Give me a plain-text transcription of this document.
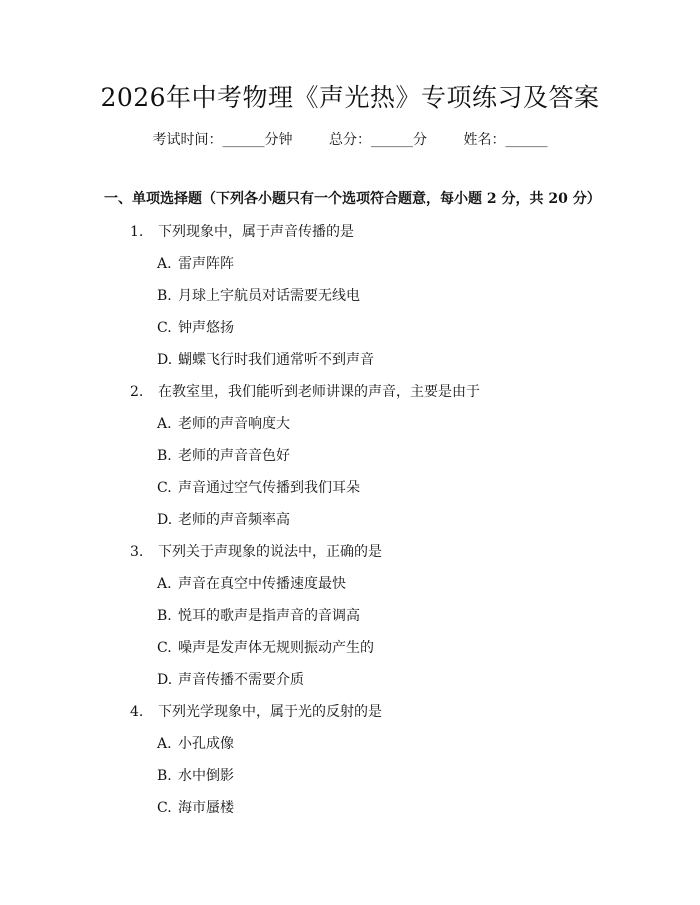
2026年中考物理《声光热》专项练习及答案
考试时间：______分钟	总分：______分	姓名：______
一、单项选择题（下列各小题只有一个选项符合题意，每小题 2 分，共 20 分）
1. 下列现象中，属于声音传播的是
A. 雷声阵阵
B. 月球上宇航员对话需要无线电
C. 钟声悠扬
D. 蝴蝶飞行时我们通常听不到声音
2. 在教室里，我们能听到老师讲课的声音，主要是由于
A. 老师的声音响度大
B. 老师的声音音色好
C. 声音通过空气传播到我们耳朵
D. 老师的声音频率高
3. 下列关于声现象的说法中，正确的是
A. 声音在真空中传播速度最快
B. 悦耳的歌声是指声音的音调高
C. 噪声是发声体无规则振动产生的
D. 声音传播不需要介质
4. 下列光学现象中，属于光的反射的是
A. 小孔成像
B. 水中倒影
C. 海市蜃楼
